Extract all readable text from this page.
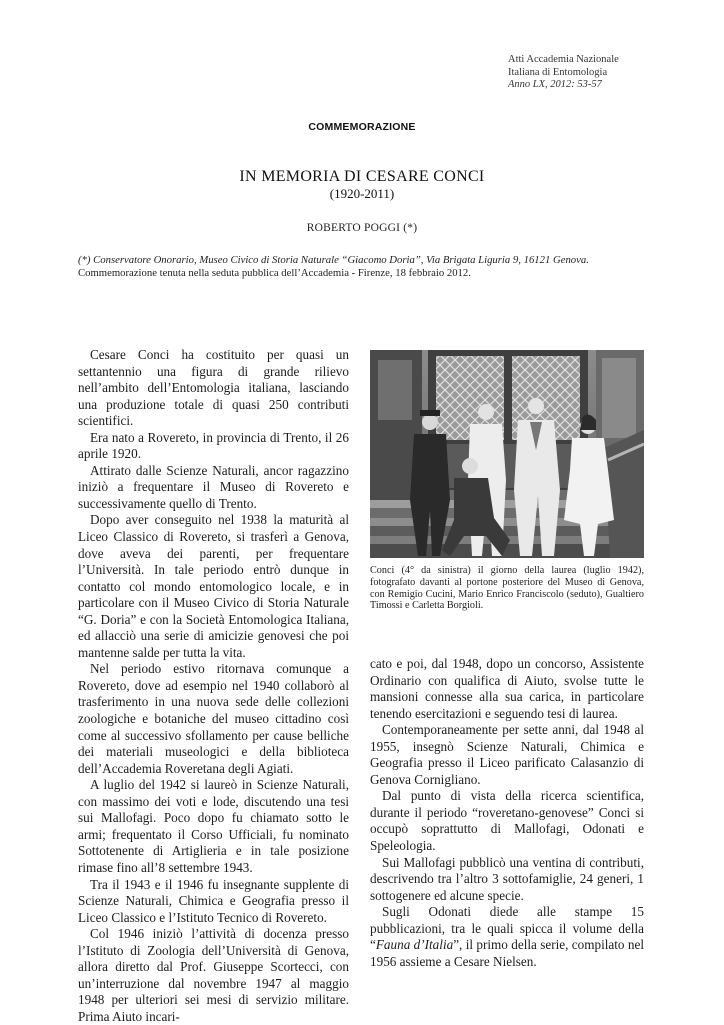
Atti Accademia Nazionale
Italiana di Entomologia
Anno LX, 2012: 53-57
COMMEMORAZIONE
IN MEMORIA DI CESARE CONCI
(1920-2011)
ROBERTO POGGI (*)
(*) Conservatore Onorario, Museo Civico di Storia Naturale “Giacomo Doria”, Via Brigata Liguria 9, 16121 Genova.
Commemorazione tenuta nella seduta pubblica dell’Accademia - Firenze, 18 febbraio 2012.

Cesare Conci ha costituito per quasi un settantennio una figura di grande rilievo nell’ambito dell’Entomologia italiana, lasciando una produzione totale di quasi 250 contributi scientifici.

Era nato a Rovereto, in provincia di Trento, il 26 aprile 1920.

Attirato dalle Scienze Naturali, ancor ragazzino iniziò a frequentare il Museo di Rovereto e successivamente quello di Trento.

Dopo aver conseguito nel 1938 la maturità al Liceo Classico di Rovereto, si trasferì a Genova, dove aveva dei parenti, per frequentare l’Università. In tale periodo entrò dunque in contatto col mondo entomologico locale, e in particolare con il Museo Civico di Storia Naturale “G. Doria” e con la Società Entomologica Italiana, ed allacciò una serie di amicizie genovesi che poi mantenne salde per tutta la vita.

Nel periodo estivo ritornava comunque a Rovereto, dove ad esempio nel 1940 collaborò al trasferimento in una nuova sede delle collezioni zoologiche e botaniche del museo cittadino così come al successivo sfollamento per cause belliche dei materiali museologici e della biblioteca dell’Accademia Roveretana degli Agiati.

A luglio del 1942 si laureò in Scienze Naturali, con massimo dei voti e lode, discutendo una tesi sui Mallofagi. Poco dopo fu chiamato sotto le armi; frequentato il Corso Ufficiali, fu nominato Sottotenente di Artiglieria e in tale posizione rimase fino all’8 settembre 1943.

Tra il 1943 e il 1946 fu insegnante supplente di Scienze Naturali, Chimica e Geografia presso il Liceo Classico e l’Istituto Tecnico di Rovereto.

Col 1946 iniziò l’attività di docenza presso l’Istituto di Zoologia dell’Università di Genova, allora diretto dal Prof. Giuseppe Scortecci, con un’interruzione dal novembre 1947 al maggio 1948 per ulteriori sei mesi di servizio militare. Prima Aiuto incari-

Conci (4° da sinistra) il giorno della laurea (luglio 1942), fotografato davanti al portone posteriore del Museo di Genova, con Remigio Cucini, Mario Enrico Franciscolo (seduto), Gualtiero Timossi e Carletta Borgioli.

cato e poi, dal 1948, dopo un concorso, Assistente Ordinario con qualifica di Aiuto, svolse tutte le mansioni connesse alla sua carica, in particolare tenendo esercitazioni e seguendo tesi di laurea.

Contemporaneamente per sette anni, dal 1948 al 1955, insegnò Scienze Naturali, Chimica e Geografia presso il Liceo parificato Calasanzio di Genova Cornigliano.

Dal punto di vista della ricerca scientifica, durante il periodo “roveretano-genovese” Conci si occupò soprattutto di Mallofagi, Odonati e Speleologia.

Sui Mallofagi pubblicò una ventina di contributi, descrivendo tra l’altro 3 sottofamiglie, 24 generi, 1 sottogenere ed alcune specie.

Sugli Odonati diede alle stampe 15 pubblicazioni, tra le quali spicca il volume della “Fauna d’Italia”, il primo della serie, compilato nel 1956 assieme a Cesare Nielsen.
